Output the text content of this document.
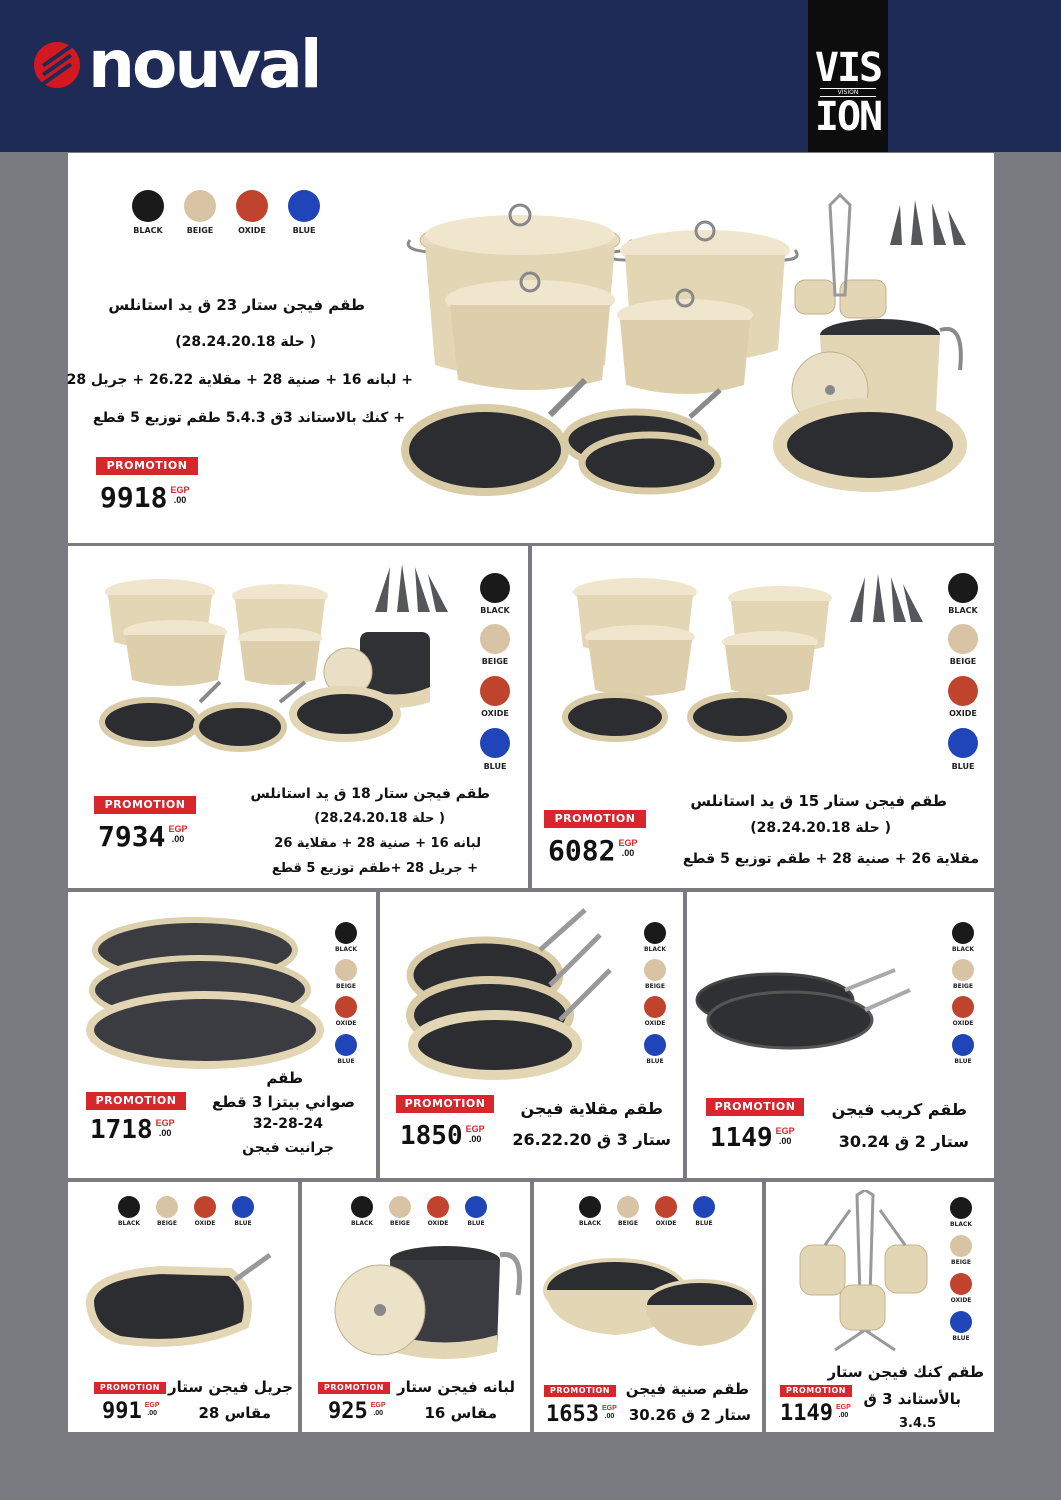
nouval	VIS
VISION
ION
BLACK	BEIGE	OXIDE	BLUE
طقم فيجن ستار 23 ق يد استانلس
( حلة 28.24.20.18)
+ لبانه 16 + صنية 28 + مقلاية 26.22 + جريل 28
+ كنك بالاستاند 3ق 5.4.3 طقم توزيع 5 قطع
PROMOTION
9918 EGP
.00
BLACK
BEIGE
OXIDE
BLUE
طقم فيجن ستار 18 ق يد استانلس
( حلة 28.24.20.18)
لبانه 16 + صنية 28 + مقلاية 26
+ جريل 28 +طقم توزيع 5 قطع
PROMOTION
7934 EGP
.00
BLACK
BEIGE
OXIDE
BLUE
طقم فيجن ستار 15 ق يد استانلس
( حلة 28.24.20.18)
مقلاية 26 + صنية 28 + طقم توزيع 5 قطع
PROMOTION
6082 EGP
.00
BLACK
BEIGE
OXIDE
BLUE
طقم
صواني بيتزا 3 قطع
32-28-24
جرانيت فيجن
PROMOTION
1718 EGP
.00
BLACK
BEIGE
OXIDE
BLUE
طقم مقلاية فيجن
ستار 3 ق 26.22.20
PROMOTION
1850 EGP
.00
BLACK
BEIGE
OXIDE
BLUE
طقم كريب فيجن
ستار 2 ق 30.24
PROMOTION
1149 EGP
.00
BLACK	BEIGE	OXIDE	BLUE
جريل فيجن ستار
مقاس 28
PROMOTION
991 EGP
.00
BLACK	BEIGE	OXIDE	BLUE
لبانه فيجن ستار
مقاس 16
PROMOTION
925 EGP
.00
BLACK	BEIGE	OXIDE	BLUE
طقم صنية فيجن
ستار 2 ق 30.26
PROMOTION
1653 EGP
.00
BLACK
BEIGE
OXIDE
BLUE
طقم كنك فيجن ستار
بالأستاند 3 ق
3.4.5
PROMOTION
1149 EGP
.00
